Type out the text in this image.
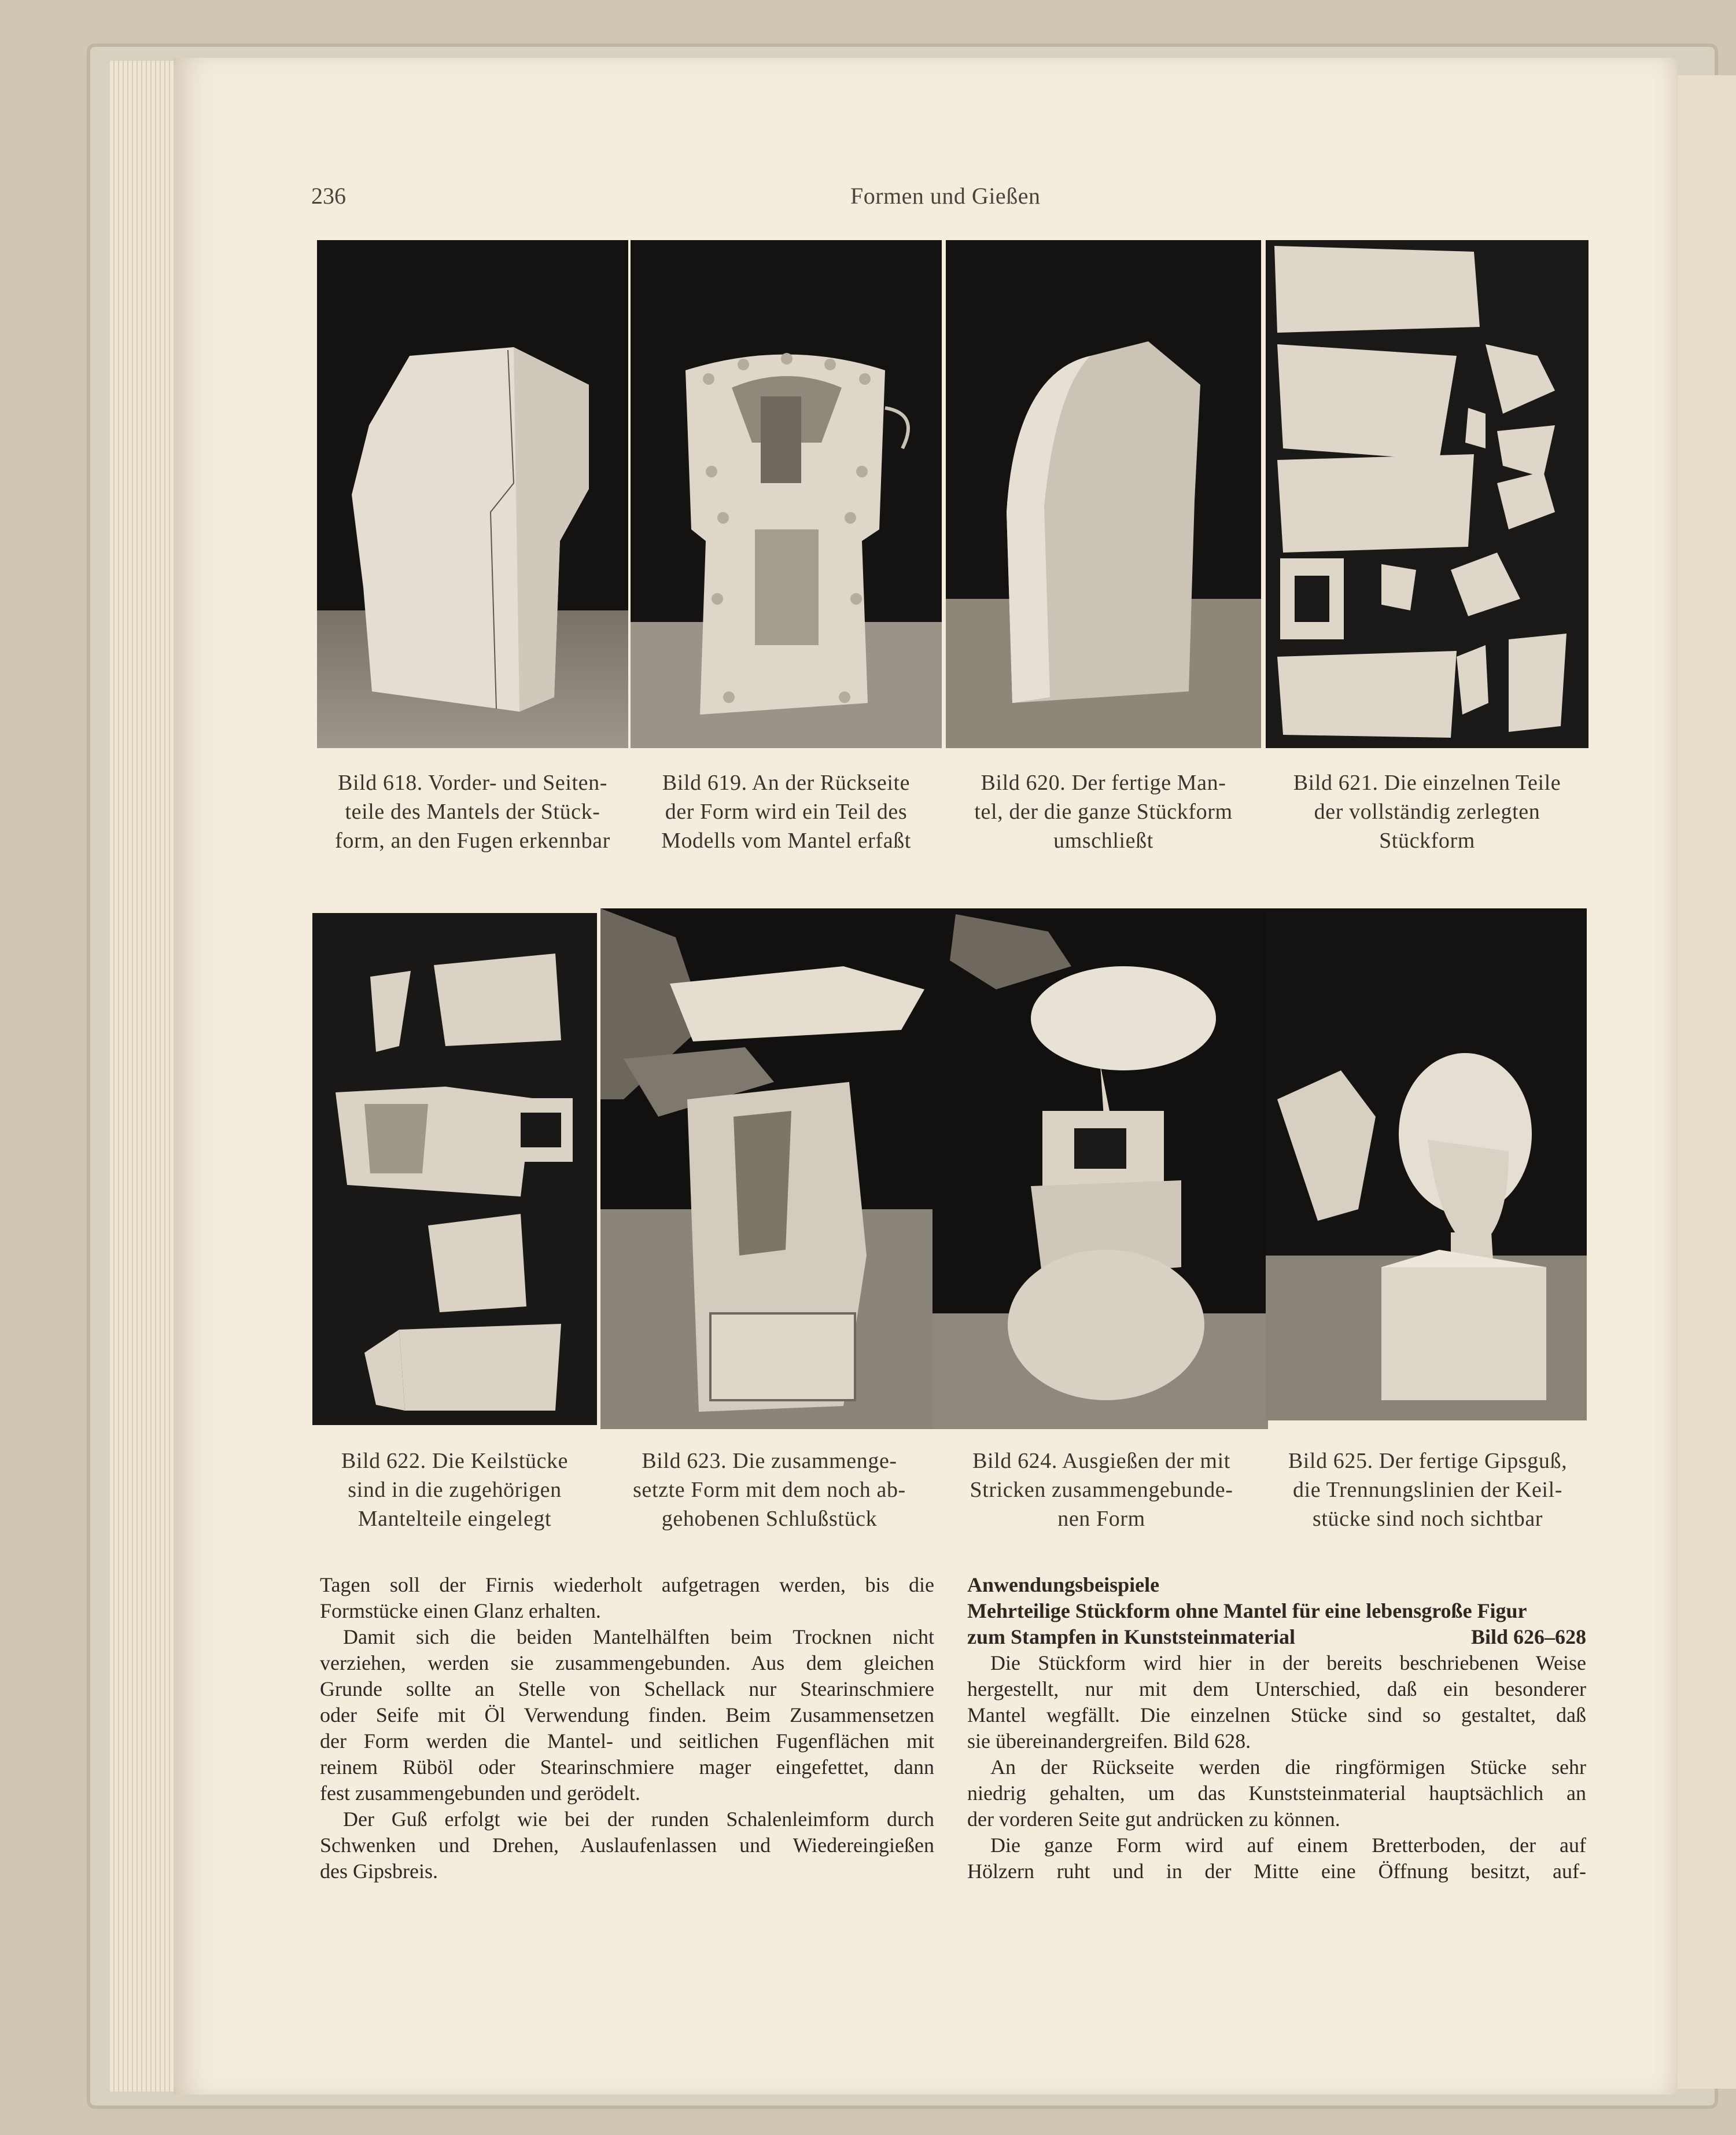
236	Formen und Gießen
Bild 618. Vorder- und Seiten-
teile des Mantels der Stück-
form, an den Fugen erkennbar
Bild 619. An der Rückseite
der Form wird ein Teil des
Modells vom Mantel erfaßt
Bild 620. Der fertige Man-
tel, der die ganze Stückform
umschließt
Bild 621. Die einzelnen Teile
der vollständig zerlegten
Stückform
Bild 622. Die Keilstücke
sind in die zugehörigen
Mantelteile eingelegt
Bild 623. Die zusammenge-
setzte Form mit dem noch ab-
gehobenen Schlußstück
Bild 624. Ausgießen der mit
Stricken zusammengebunde-
nen Form
Bild 625. Der fertige Gipsguß,
die Trennungslinien der Keil-
stücke sind noch sichtbar
Tagen soll der Firnis wiederholt aufgetragen werden, bis die
Formstücke einen Glanz erhalten.
Damit sich die beiden Mantelhälften beim Trocknen nicht
verziehen, werden sie zusammengebunden. Aus dem gleichen
Grunde sollte an Stelle von Schellack nur Stearinschmiere
oder Seife mit Öl Verwendung finden. Beim Zusammensetzen
der Form werden die Mantel- und seitlichen Fugenflächen mit
reinem Rüböl oder Stearinschmiere mager eingefettet, dann
fest zusammengebunden und gerödelt.
Der Guß erfolgt wie bei der runden Schalenleimform durch
Schwenken und Drehen, Auslaufenlassen und Wiedereingießen
des Gipsbreis.
Anwendungsbeispiele
Mehrteilige Stückform ohne Mantel für eine lebensgroße Figur
zum Stampfen in Kunststeinmaterial	Bild 626–628
Die Stückform wird hier in der bereits beschriebenen Weise
hergestellt, nur mit dem Unterschied, daß ein besonderer
Mantel wegfällt. Die einzelnen Stücke sind so gestaltet, daß
sie übereinandergreifen. Bild 628.
An der Rückseite werden die ringförmigen Stücke sehr
niedrig gehalten, um das Kunststeinmaterial hauptsächlich an
der vorderen Seite gut andrücken zu können.
Die ganze Form wird auf einem Bretterboden, der auf
Hölzern ruht und in der Mitte eine Öffnung besitzt, auf-
